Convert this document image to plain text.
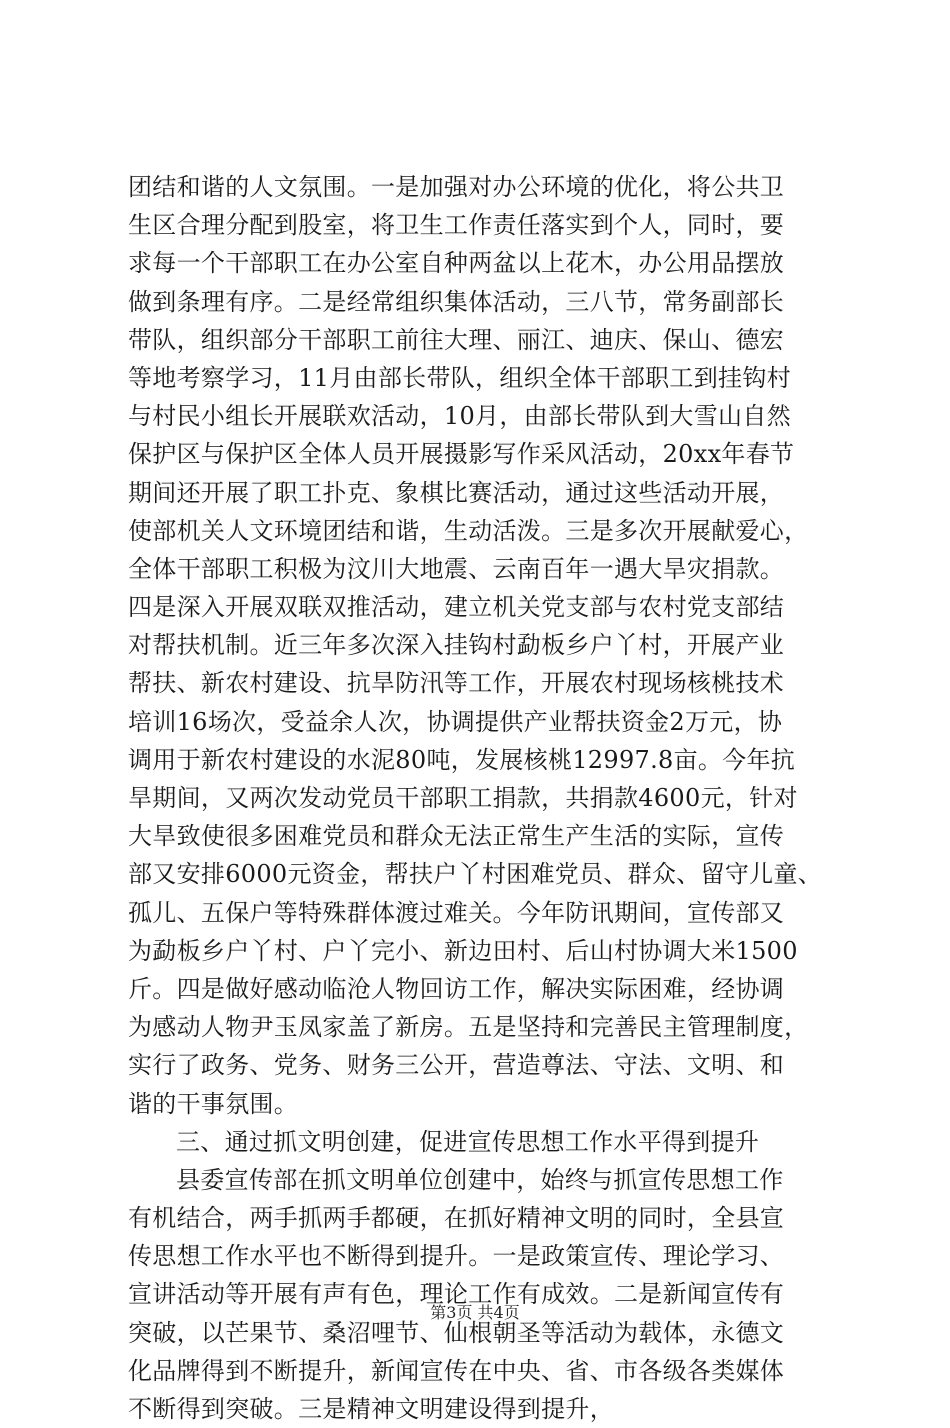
团结和谐的人文氛围。一是加强对办公环境的优化，将公共卫
生区合理分配到股室，将卫生工作责任落实到个人，同时，要
求每一个干部职工在办公室自种两盆以上花木，办公用品摆放
做到条理有序。二是经常组织集体活动，三八节，常务副部长
带队，组织部分干部职工前往大理、丽江、迪庆、保山、德宏
等地考察学习，11月由部长带队，组织全体干部职工到挂钩村
与村民小组长开展联欢活动，10月，由部长带队到大雪山自然
保护区与保护区全体人员开展摄影写作采风活动，20xx年春节
期间还开展了职工扑克、象棋比赛活动，通过这些活动开展，
使部机关人文环境团结和谐，生动活泼。三是多次开展献爱心，
全体干部职工积极为汶川大地震、云南百年一遇大旱灾捐款。
四是深入开展双联双推活动，建立机关党支部与农村党支部结
对帮扶机制。近三年多次深入挂钩村勐板乡户丫村，开展产业
帮扶、新农村建设、抗旱防汛等工作，开展农村现场核桃技术
培训16场次，受益余人次，协调提供产业帮扶资金2万元，协
调用于新农村建设的水泥80吨，发展核桃12997.8亩。今年抗
旱期间，又两次发动党员干部职工捐款，共捐款4600元，针对
大旱致使很多困难党员和群众无法正常生产生活的实际，宣传
部又安排6000元资金，帮扶户丫村困难党员、群众、留守儿童、
孤儿、五保户等特殊群体渡过难关。今年防讯期间，宣传部又
为勐板乡户丫村、户丫完小、新边田村、后山村协调大米1500
斤。四是做好感动临沧人物回访工作，解决实际困难，经协调
为感动人物尹玉凤家盖了新房。五是坚持和完善民主管理制度，
实行了政务、党务、财务三公开，营造尊法、守法、文明、和
谐的干事氛围。
三、通过抓文明创建，促进宣传思想工作水平得到提升
县委宣传部在抓文明单位创建中，始终与抓宣传思想工作
有机结合，两手抓两手都硬，在抓好精神文明的同时，全县宣
传思想工作水平也不断得到提升。一是政策宣传、理论学习、
宣讲活动等开展有声有色，理论工作有成效。二是新闻宣传有
突破，以芒果节、桑沼哩节、仙根朝圣等活动为载体，永德文
化品牌得到不断提升，新闻宣传在中央、省、市各级各类媒体
不断得到突破。三是精神文明建设得到提升，
第3页 共4页
